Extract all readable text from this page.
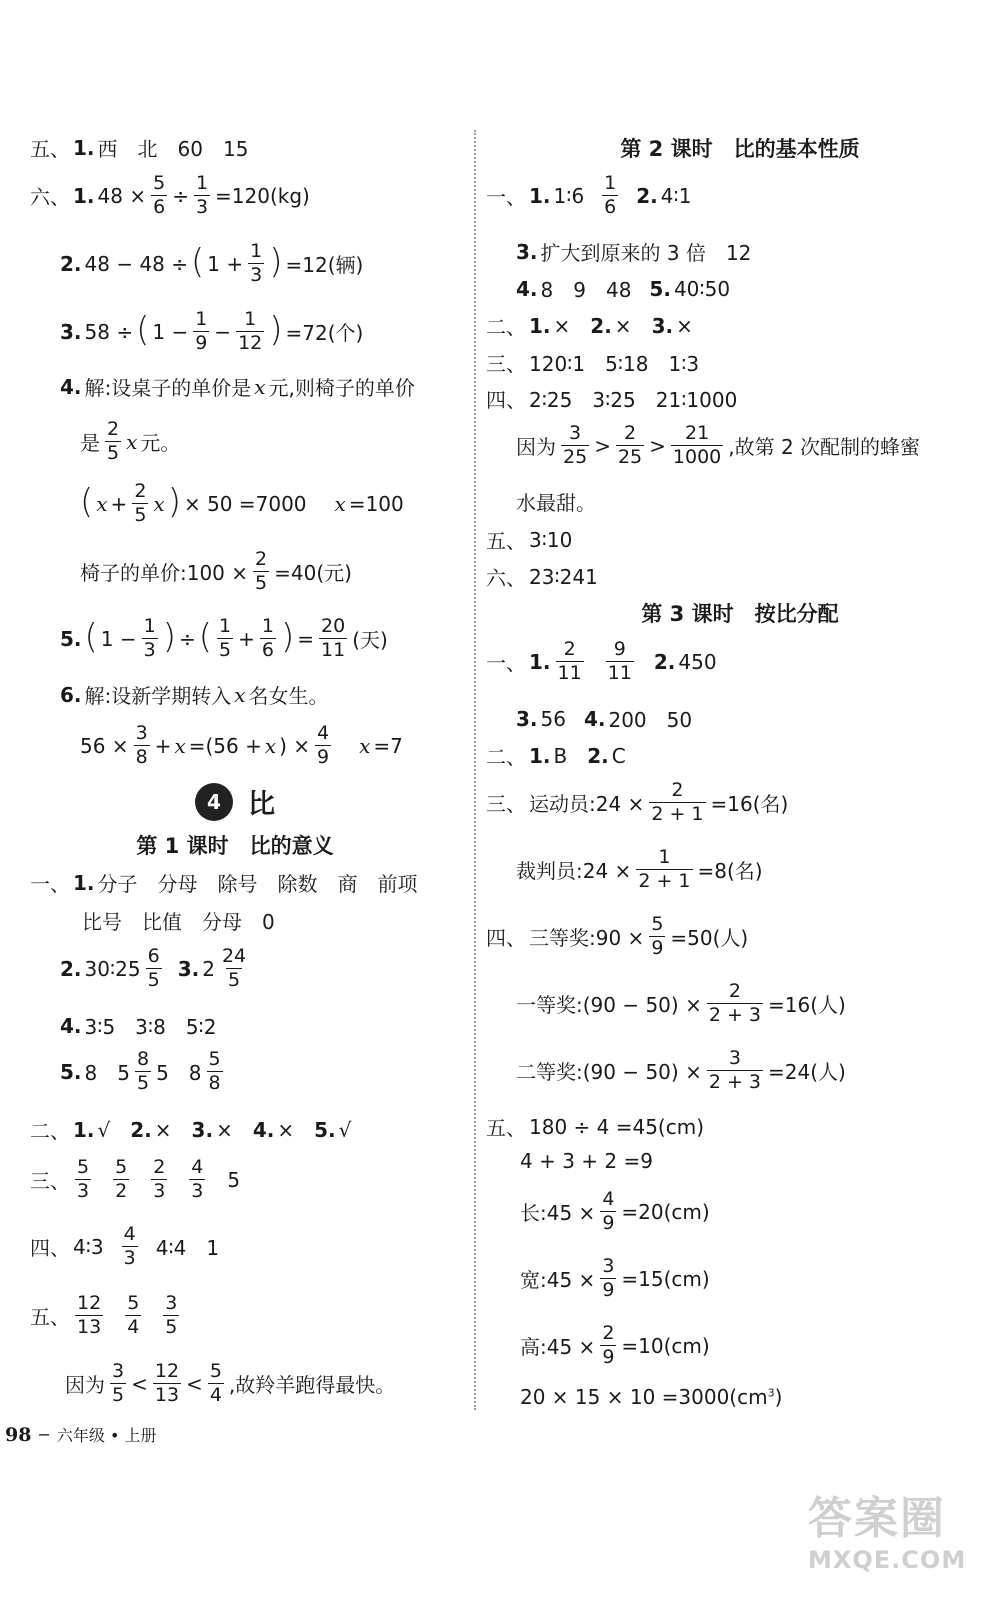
五、 1. 西　北　60　15
六、 1. $48 \times \frac{5}{6} \div \frac{1}{3} =120(kg)$
2. 48 − 48 ÷ ( $1 + \frac{1}{3}$ ) =12(辆)
3. 58 ÷ ( $1 - \frac{1}{9} - \frac{1}{12}$ ) =72(个)
4. 解:设桌子的单价是 x 元,则椅子的单价
是 $\frac{2}{5}$ x 元。
( $x + \frac{2}{5}$ x ) × 50 =7000 x =100
椅子的单价:100 × $\frac{2}{5} =40$(元)
5. ( $1 - \frac{1}{3}$ ) ÷ ( $\frac{1}{5} + \frac{1}{6}$ ) = $\frac{20}{11}$ (天)
6. 解:设新学期转入 x 名女生。
$56 \times \frac{3}{8} + x =(56 + x$ ) × $\frac{4}{9}$ x =7
4	比
第 1 课时　比的意义
一、 1. 分子　分母　除号　除数　商　前项
比号　比值　分母　0
2. 30∶25 $\frac{6}{5} 3$. $2 \frac{24}{5}$
4. 3∶5　3∶8　5∶2
5. 8　$5 \frac{8}{5} 5$　$8 \frac{5}{8}$
二、 1. √ 2. × 3. × 4. × 5. √
三、 $\frac{5}{3} \frac{5}{2} \frac{2}{3} \frac{4}{3} 5$
四、 4∶3 $\frac{4}{3}$ 4∶4　1
五、 $\frac{12}{13} \frac{5}{4} \frac{3}{5}$
因为 $\frac{3}{5} < \frac{12}{13} < \frac{5}{4}$ ,故羚羊跑得最快。
第 2 课时　比的基本性质
一、 1. 1∶6 $\frac{1}{6} 2$. 4∶1
3. 扩大到原来的 3 倍　12
4. 8　9　48 5. 40∶50
二、 1. × 2. × 3. ×
三、 120∶1　5∶18　1∶3
四、 2∶25　3∶25　21∶1000
因为 $\frac{3}{25} > \frac{2}{25} > \frac{21}{1000}$ ,故第 2 次配制的蜂蜜
水最甜。
五、 3∶10
六、 23∶241
第 3 课时　按比分配
一、 1. $\frac{2}{11} \frac{9}{11} 2$. 450
3. 56 4. 200　50
二、 1. B 2. C
三、 运动员:24 × $\frac{2}{2 + 1} =16$(名)
裁判员:24 × $\frac{1}{2 + 1} =8$(名)
四、 三等奖:90 × $\frac{5}{9} =50$(人)
一等奖:(90 − $50) \times \frac{2}{2 + 3} =16$(人)
二等奖:(90 − $50) \times \frac{3}{2 + 3} =24$(人)
五、 180 ÷ 4 =45(cm)
4 + 3 + 2 =9
长:45 × $\frac{4}{9} =20(cm)$
宽:45 × $\frac{3}{9} =15(cm)$
高:45 × $\frac{2}{9} =10(cm)$
$20 \times 15 \times 10 =3000(cm^3)$
98 − 六年级 • 上册
答案圈
MXQE.COM
